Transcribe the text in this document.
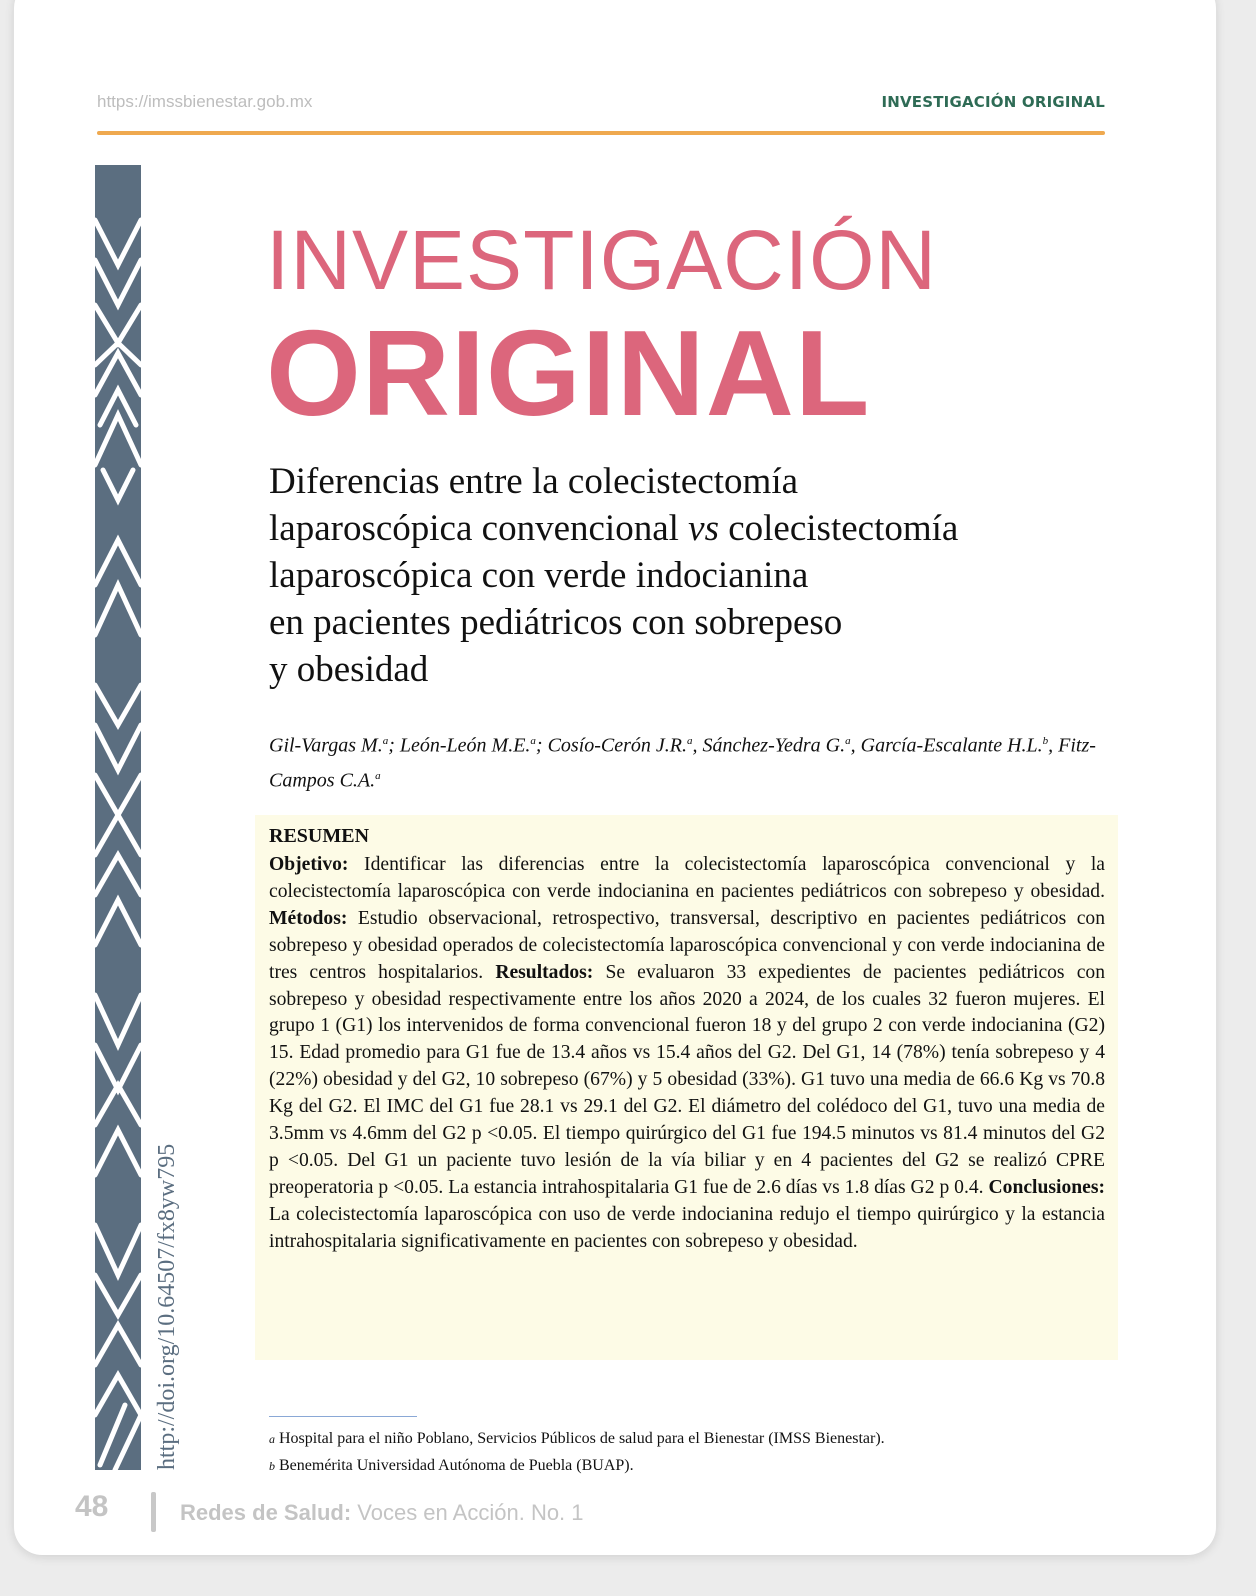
https://imssbienestar.gob.mx	INVESTIGACIÓN ORIGINAL
http://doi.org/10.64507/fx8yw795
INVESTIGACIÓN
ORIGINAL
Diferencias entre la colecistectomía
laparoscópica convencional vs colecistectomía
laparoscópica con verde indocianina
en pacientes pediátricos con sobrepeso
y obesidad
Gil-Vargas M.$^a$; León-León M.E.$^a$; Cosío-Cerón J.R.$^a$, Sánchez-Yedra G.$^a$, García-Escalante H.L.$^b$, Fitz-Campos C.A.$^a$
RESUMEN

Objetivo: Identificar las diferencias entre la colecistectomía laparoscópica convencional y la colecistectomía laparoscópica con verde indocianina en pacientes pediátricos con sobrepeso y obesidad. Métodos: Estudio observacional, retrospectivo, transversal, descriptivo en pacientes pediátricos con sobrepeso y obesidad operados de colecistectomía laparoscópica convencional y con verde indocianina de tres centros hospitalarios. Resultados: Se evaluaron 33 expedientes de pacientes pediátricos con sobrepeso y obesidad respectivamente entre los años 2020 a 2024, de los cuales 32 fueron mujeres. El grupo 1 (G1) los intervenidos de forma convencional fueron 18 y del grupo 2 con verde indocianina (G2) 15. Edad promedio para G1 fue de 13.4 años vs 15.4 años del G2. Del G1, 14 (78%) tenía sobrepeso y 4 (22%) obesidad y del G2, 10 sobrepeso (67%) y 5 obesidad (33%). G1 tuvo una media de 66.6 Kg vs 70.8 Kg del G2. El IMC del G1 fue 28.1 vs 29.1 del G2. El diámetro del colédoco del G1, tuvo una media de 3.5mm vs 4.6mm del G2 p <0.05. El tiempo quirúrgico del G1 fue 194.5 minutos vs 81.4 minutos del G2 p <0.05. Del G1 un paciente tuvo lesión de la vía biliar y en 4 pacientes del G2 se realizó CPRE preoperatoria p <0.05. La estancia intrahospitalaria G1 fue de 2.6 días vs 1.8 días G2 p 0.4. Conclusiones: La colecistectomía laparoscópica con uso de verde indocianina redujo el tiempo quirúrgico y la estancia intrahospitalaria significativamente en pacientes con sobrepeso y obesidad.

a Hospital para el niño Poblano, Servicios Públicos de salud para el Bienestar (IMSS Bienestar).
b Benemérita Universidad Autónoma de Puebla (BUAP).
48	Redes de Salud: Voces en Acción. No. 1
